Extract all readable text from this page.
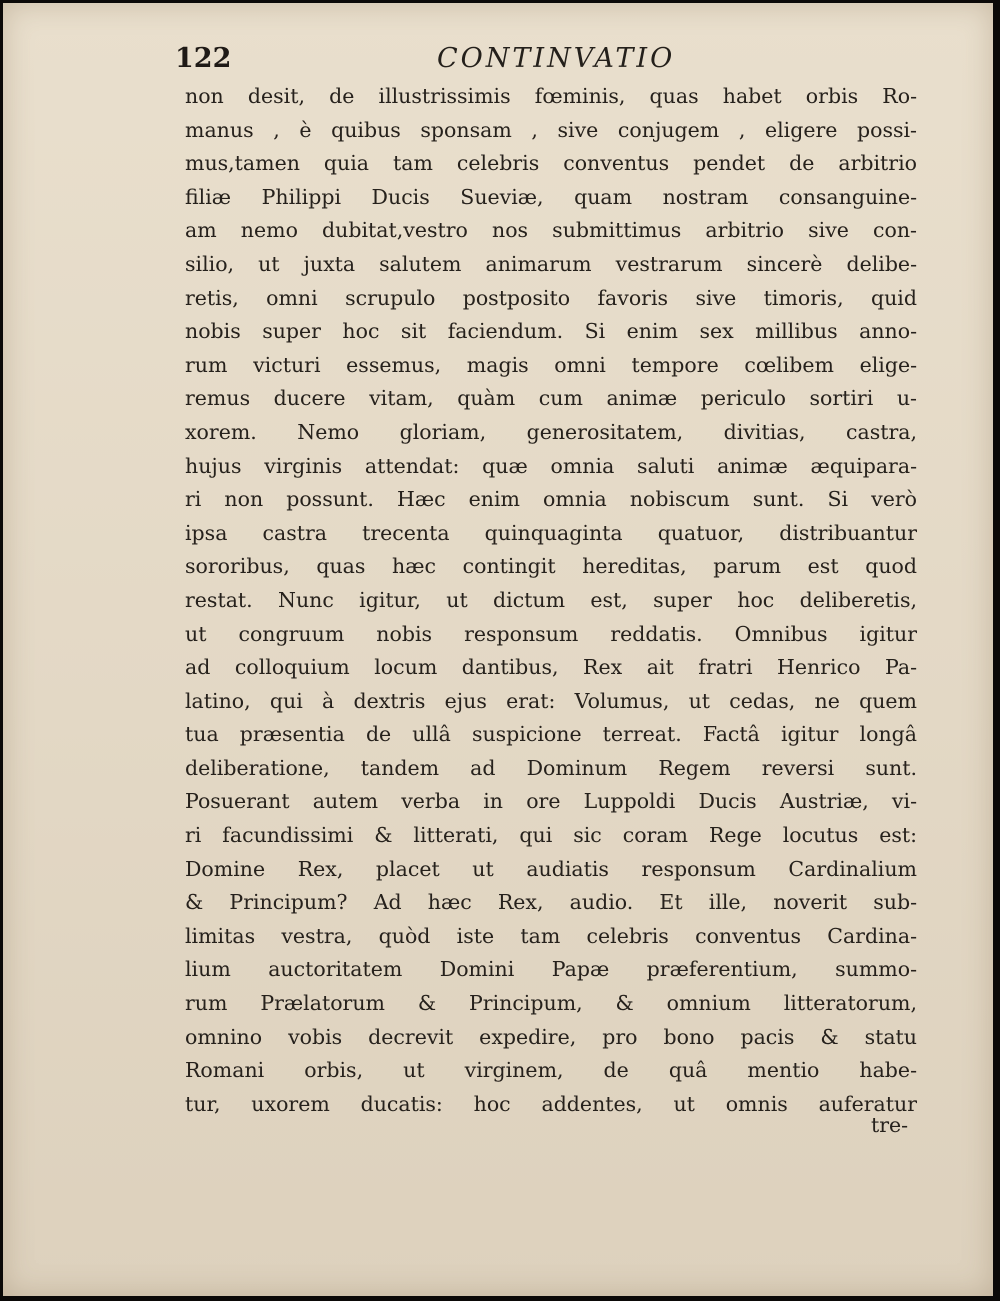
122	CONTINVATIO
non desit, de illustrissimis fœminis, quas habet orbis Ro-
manus , è quibus sponsam , sive conjugem , eligere possi-
mus,tamen quia tam celebris conventus pendet de arbitrio
filiæ Philippi Ducis Sueviæ, quam nostram consanguine-
am nemo dubitat,vestro nos submittimus arbitrio sive con-
silio, ut juxta salutem animarum vestrarum sincerè delibe-
retis, omni scrupulo postposito favoris sive timoris, quid
nobis super hoc sit faciendum. Si enim sex millibus anno-
rum victuri essemus, magis omni tempore cœlibem eligе-
remus ducere vitam, quàm cum animæ periculo sortiri u-
xorem. Nemo gloriam, generositatem, divitias, castra,
hujus virginis attendat: quæ omnia saluti animæ æquipara-
ri non possunt. Hæc enim omnia nobiscum sunt. Si verò
ipsa castra trecenta quinquaginta quatuor, distribuantur
sororibus, quas hæc contingit hereditas, parum est quod
restat. Nunc igitur, ut dictum est, super hoc deliberetis,
ut congruum nobis responsum reddatis. Omnibus igitur
ad colloquium locum dantibus, Rex ait fratri Henrico Pa-
latino, qui à dextris ejus erat: Volumus, ut cedas, ne quem
tua præsentia de ullâ suspicione terreat. Factâ igitur longâ
deliberatione, tandem ad Dominum Regem reversi sunt.
Posuerant autem verba in ore Luppoldi Ducis Austriæ, vi-
ri facundissimi & litterati, qui sic coram Rege locutus est:
Domine Rex, placet ut audiatis responsum Cardinalium
& Principum? Ad hæc Rex, audio. Et ille, noverit sub-
limitas vestra, quòd iste tam celebris conventus Cardina-
lium auctoritatem Domini Papæ præferentium, summo-
rum Prælatorum & Principum, & omnium litteratorum,
omnino vobis decrevit expedire, pro bono pacis & statu
Romani orbis, ut virginem, de quâ mentio habe-
tur, uxorem ducatis: hoc addentes, ut omnis auferatur
tre-
